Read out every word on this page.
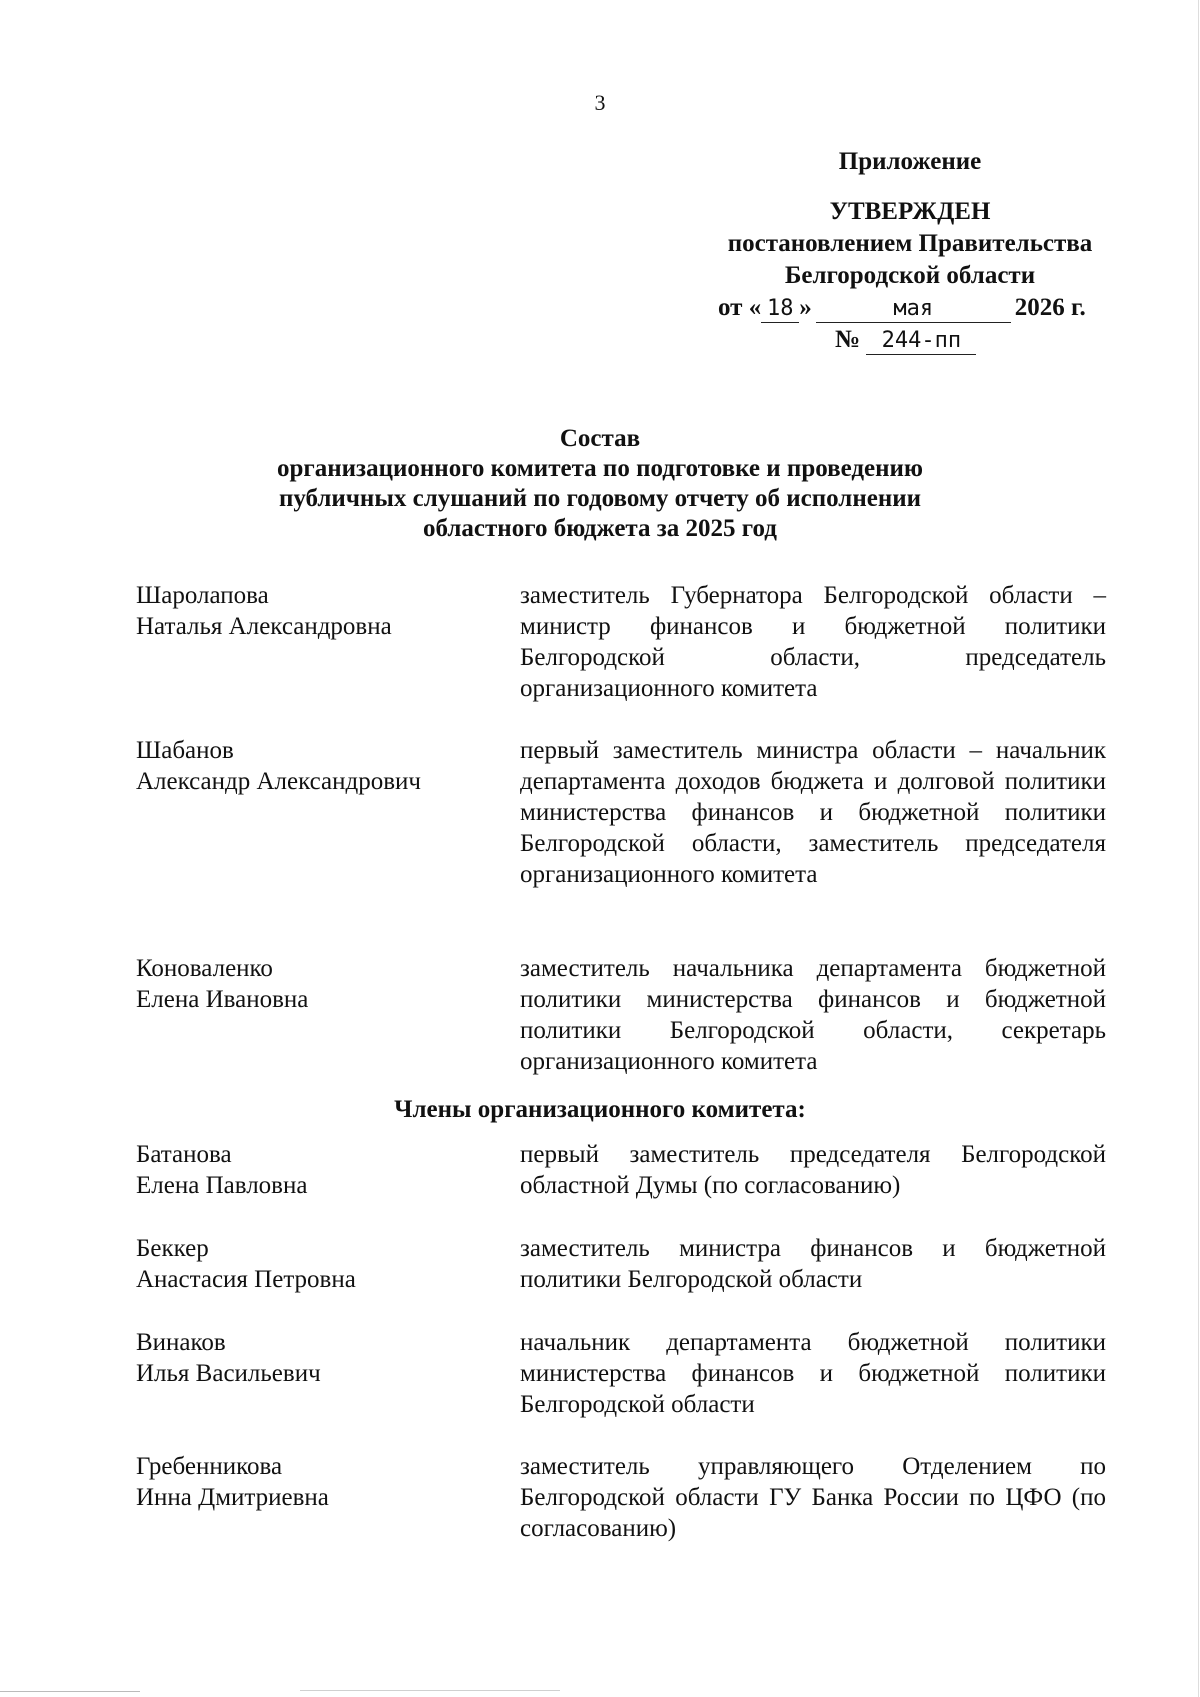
3
Приложение
УТВЕРЖДЕН
постановлением Правительства
Белгородской области
от « 18 »	мая	2026 г.
№ 244-пп
Состав
организационного комитета по подготовке и проведению
публичных слушаний по годовому отчету об исполнении
областного бюджета за 2025 год
Шаролапова
Наталья Александровна
заместитель Губернатора Белгородской области – министр финансов и бюджетной политики Белгородской области, председатель организационного комитета
Шабанов
Александр Александрович
первый заместитель министра области – начальник департамента доходов бюджета и долговой политики министерства финансов и бюджетной политики Белгородской области, заместитель председателя организационного комитета
Коноваленко
Елена Ивановна
заместитель начальника департамента бюджетной политики министерства финансов и бюджетной политики Белгородской области, секретарь организационного комитета
Члены организационного комитета:
Батанова
Елена Павловна
первый заместитель председателя Белгородской областной Думы (по согласованию)
Беккер
Анастасия Петровна
заместитель министра финансов и бюджетной политики Белгородской области
Винаков
Илья Васильевич
начальник департамента бюджетной политики министерства финансов и бюджетной политики Белгородской области
Гребенникова
Инна Дмитриевна
заместитель управляющего Отделением по Белгородской области ГУ Банка России по ЦФО (по согласованию)
